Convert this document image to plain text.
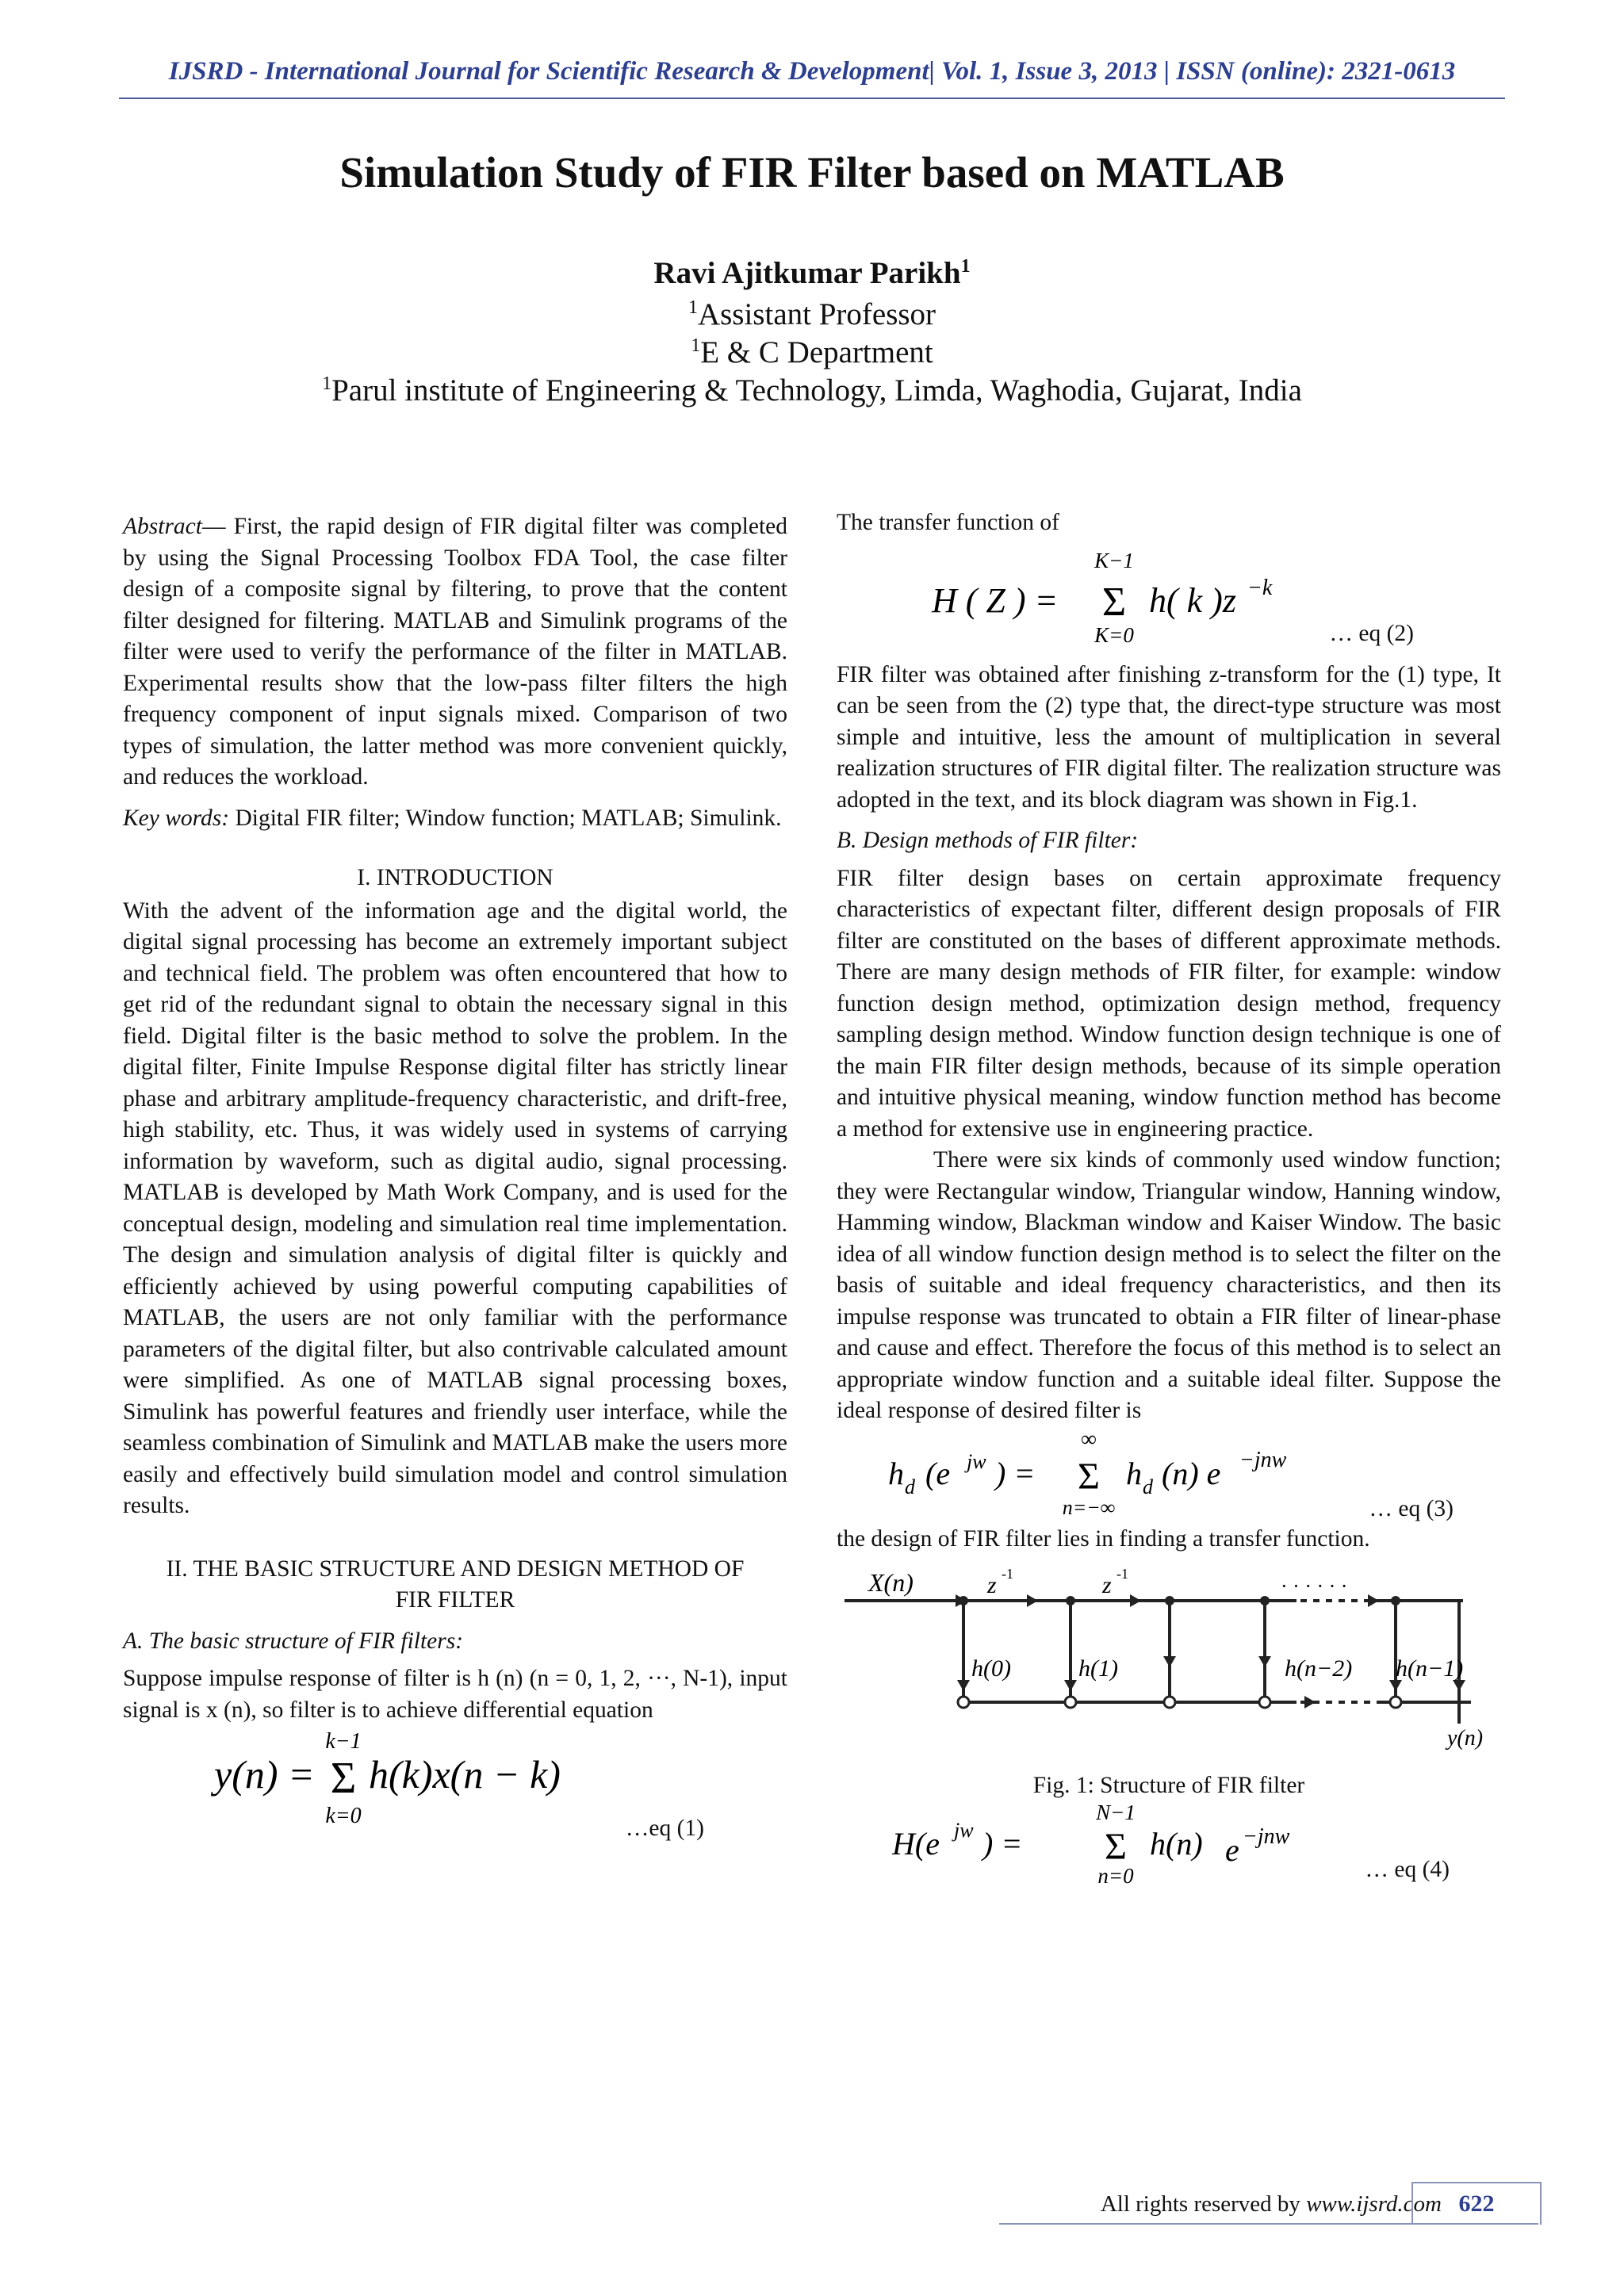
IJSRD - International Journal for Scientific Research & Development| Vol. 1, Issue 3, 2013 | ISSN (online): 2321-0613
Simulation Study of FIR Filter based on MATLAB
Ravi Ajitkumar Parikh$^1$
$^1$Assistant Professor
$^1$E & C Department
$^1$Parul institute of Engineering & Technology, Limda, Waghodia, Gujarat, India

Abstract— First, the rapid design of FIR digital filter was completed by using the Signal Processing Toolbox FDA Tool, the case filter design of a composite signal by filtering, to prove that the content filter designed for filtering. MATLAB and Simulink programs of the filter were used to verify the performance of the filter in MATLAB. Experimental results show that the low-pass filter filters the high frequency component of input signals mixed. Comparison of two types of simulation, the latter method was more convenient quickly, and reduces the workload.

Key words: Digital FIR filter; Window function; MATLAB; Simulink.

I. INTRODUCTION

With the advent of the information age and the digital world, the digital signal processing has become an extremely important subject and technical field. The problem was often encountered that how to get rid of the redundant signal to obtain the necessary signal in this field. Digital filter is the basic method to solve the problem. In the digital filter, Finite Impulse Response digital filter has strictly linear phase and arbitrary amplitude-frequency characteristic, and drift-free, high stability, etc. Thus, it was widely used in systems of carrying information by waveform, such as digital audio, signal processing. MATLAB is developed by Math Work Company, and is used for the conceptual design, modeling and simulation real time implementation. The design and simulation analysis of digital filter is quickly and efficiently achieved by using powerful computing capabilities of MATLAB, the users are not only familiar with the performance parameters of the digital filter, but also contrivable calculated amount were simplified. As one of MATLAB signal processing boxes, Simulink has powerful features and friendly user interface, while the seamless combination of Simulink and MATLAB make the users more easily and effectively build simulation model and control simulation results.

II. THE BASIC STRUCTURE AND DESIGN METHOD OF FIR FILTER

A. The basic structure of FIR filters:

Suppose impulse response of filter is h (n) (n = 0, 1, 2, ···, N-1), input signal is x (n), so filter is to achieve differential equation

y(n) =
k−1
Σ
k=0
h(k)x(n − k)
…eq (1)

The transfer function of

H ( Z ) =
K−1
Σ
K=0
h( k )z −k
… eq (2)

FIR filter was obtained after finishing z-transform for the (1) type, It can be seen from the (2) type that, the direct-type structure was most simple and intuitive, less the amount of multiplication in several realization structures of FIR digital filter. The realization structure was adopted in the text, and its block diagram was shown in Fig.1.

B. Design methods of FIR filter:

FIR filter design bases on certain approximate frequency characteristics of expectant filter, different design proposals of FIR filter are constituted on the bases of different approximate methods. There are many design methods of FIR filter, for example: window function design method, optimization design method, frequency sampling design method. Window function design technique is one of the main FIR filter design methods, because of its simple operation and intuitive physical meaning, window function method has become a method for extensive use in engineering practice.

There were six kinds of commonly used window function; they were Rectangular window, Triangular window, Hanning window, Hamming window, Blackman window and Kaiser Window. The basic idea of all window function design method is to select the filter on the basis of suitable and ideal frequency characteristics, and then its impulse response was truncated to obtain a FIR filter of linear-phase and cause and effect. Therefore the focus of this method is to select an appropriate window function and a suitable ideal filter. Suppose the ideal response of desired filter is

h d (e jw ) =
∞
Σ
n=−∞
h d (n) e −jnw
… eq (3)

the design of FIR filter lies in finding a transfer function.

X(n)	z -1	z -1
· · · · · ·
h(0)	h(1)	h(n−2) h(n−1)
y(n)

Fig. 1: Structure of FIR filter

H(e jw ) =
N−1
Σ
n=0
h(n) e −jnw
… eq (4)
All rights reserved by www.ijsrd.com 622
